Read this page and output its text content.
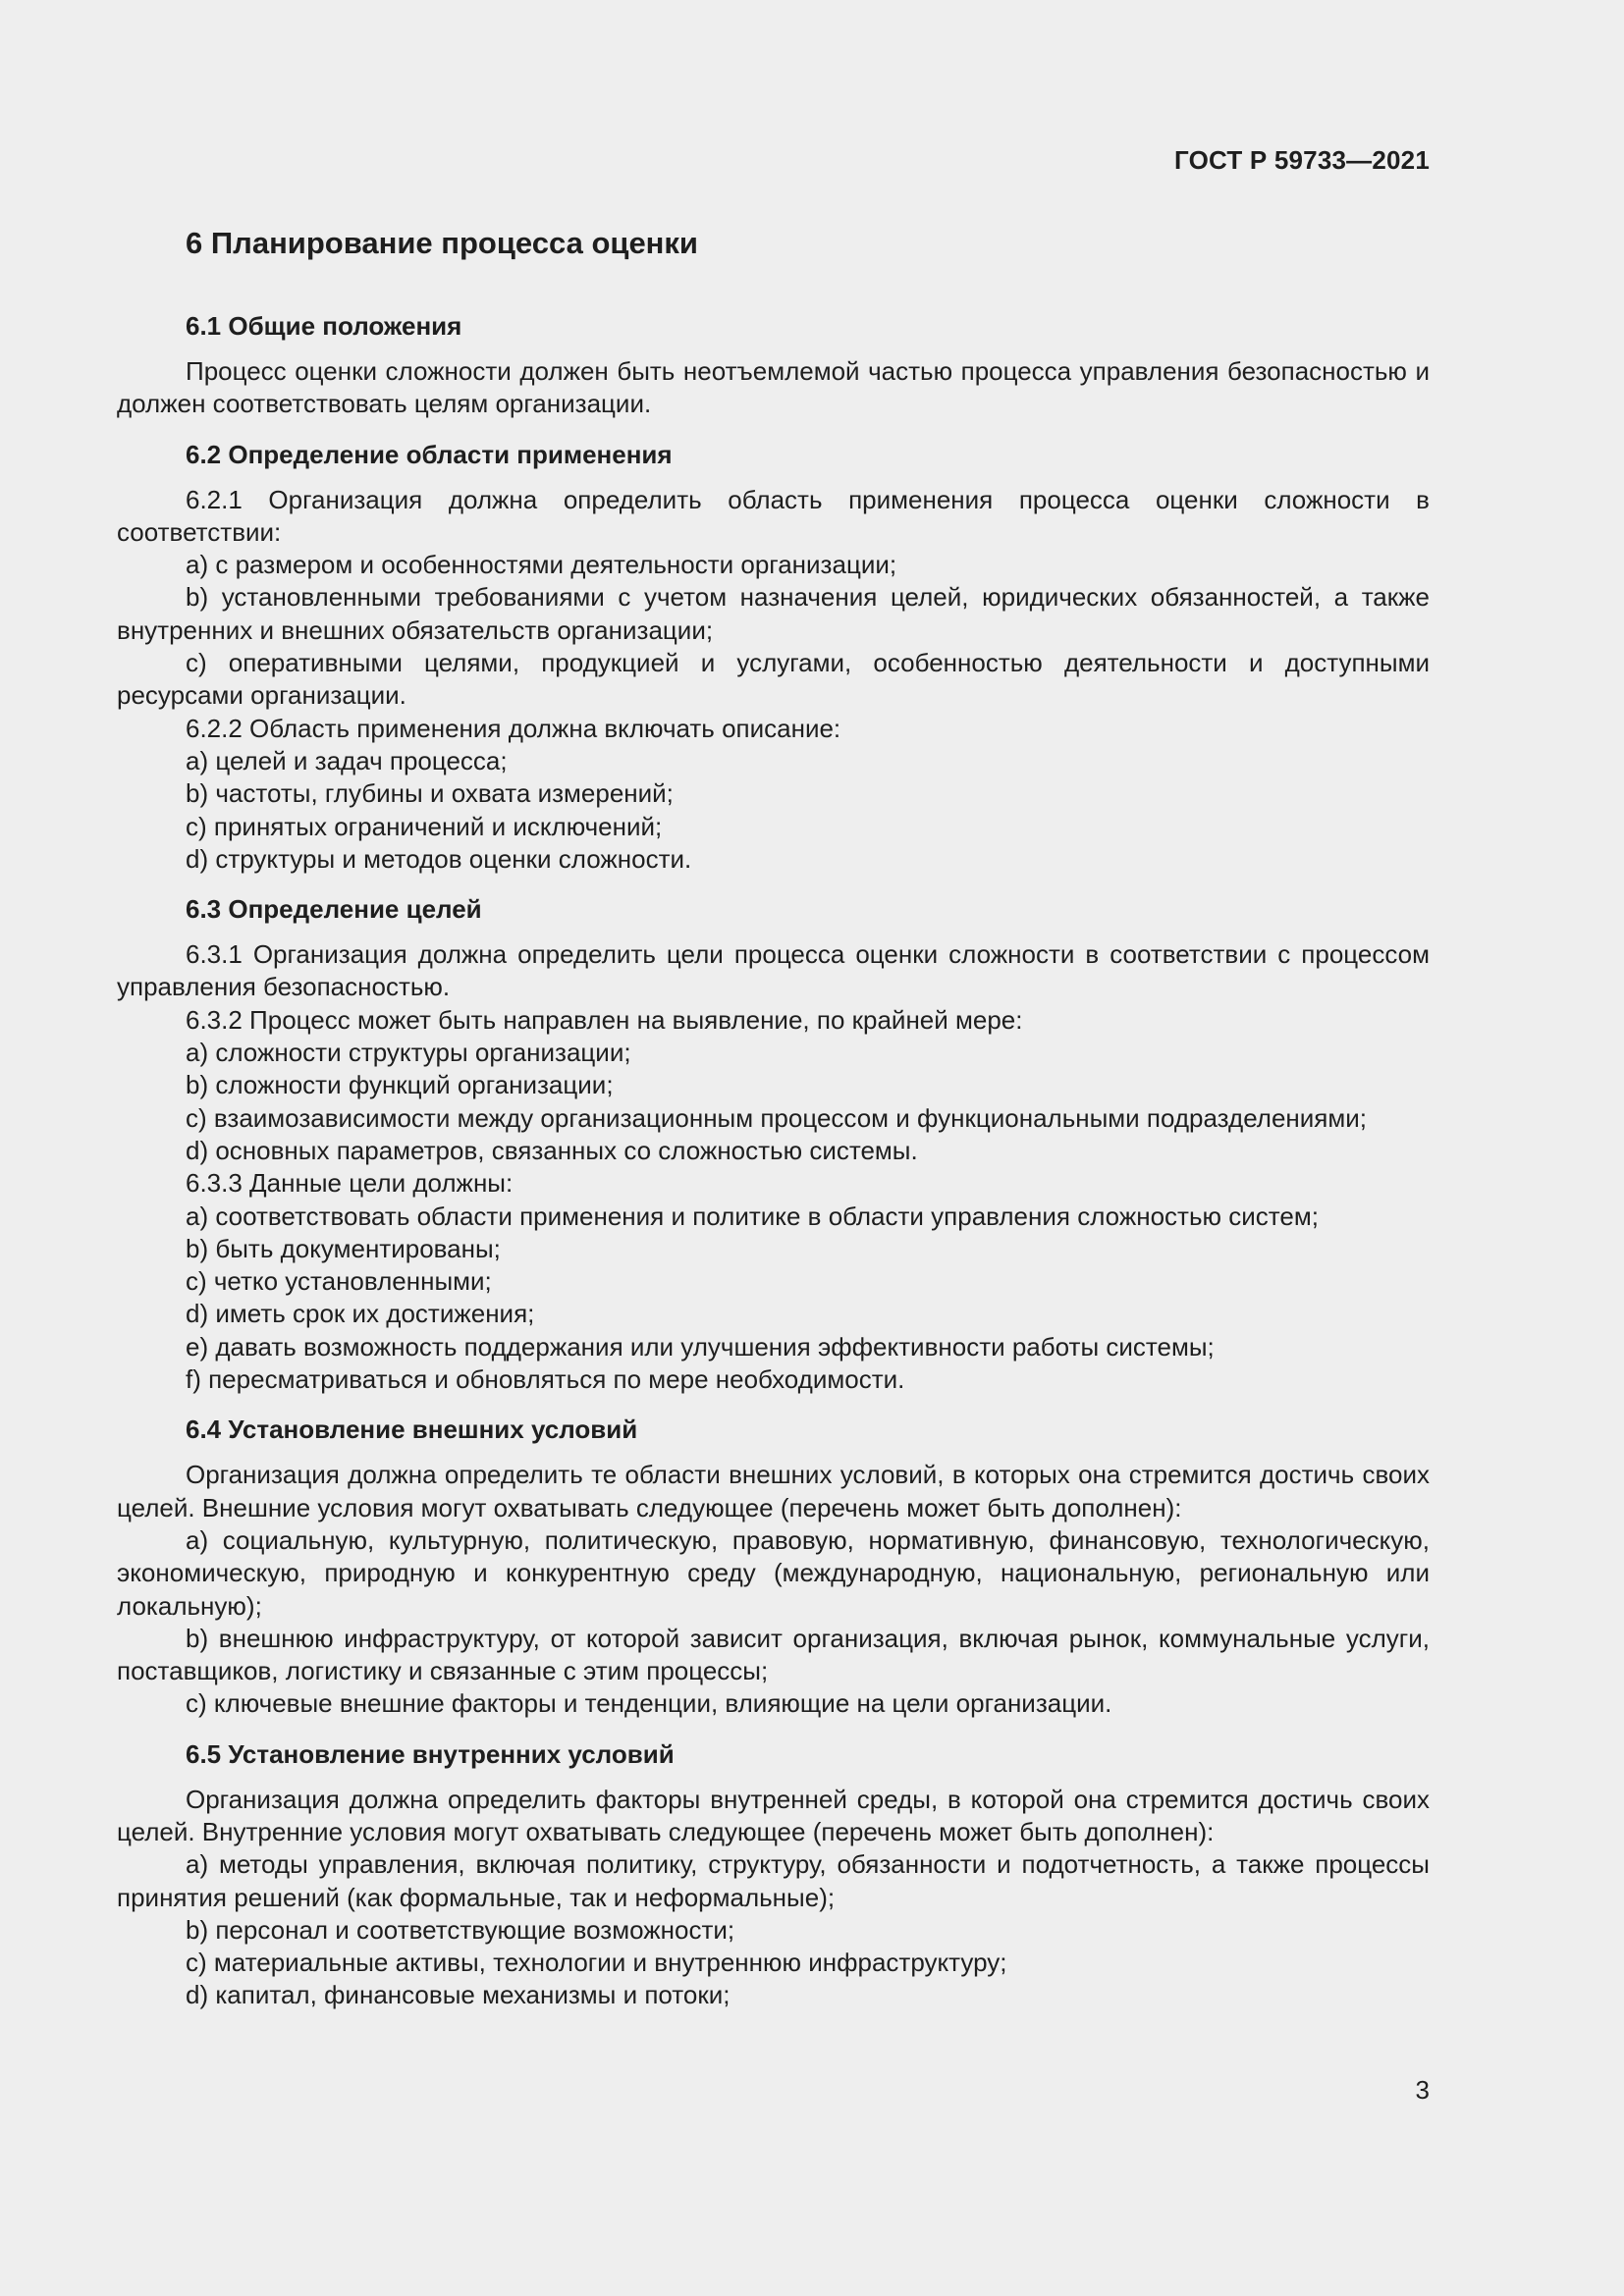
ГОСТ Р 59733—2021
6 Планирование процесса оценки
6.1 Общие положения

Процесс оценки сложности должен быть неотъемлемой частью процесса управления безопасностью и должен соответствовать целям организации.

6.2 Определение области применения

6.2.1 Организация должна определить область применения процесса оценки сложности в соответствии:

a) с размером и особенностями деятельности организации;

b) установленными требованиями с учетом назначения целей, юридических обязанностей, а также внутренних и внешних обязательств организации;

c) оперативными целями, продукцией и услугами, особенностью деятельности и доступными ресурсами организации.

6.2.2 Область применения должна включать описание:

a) целей и задач процесса;

b) частоты, глубины и охвата измерений;

c) принятых ограничений и исключений;

d) структуры и методов оценки сложности.

6.3 Определение целей

6.3.1 Организация должна определить цели процесса оценки сложности в соответствии с процессом управления безопасностью.

6.3.2 Процесс может быть направлен на выявление, по крайней мере:

a) сложности структуры организации;

b) сложности функций организации;

c) взаимозависимости между организационным процессом и функциональными подразделениями;

d) основных параметров, связанных со сложностью системы.

6.3.3 Данные цели должны:

a) соответствовать области применения и политике в области управления сложностью систем;

b) быть документированы;

c) четко установленными;

d) иметь срок их достижения;

e) давать возможность поддержания или улучшения эффективности работы системы;

f) пересматриваться и обновляться по мере необходимости.

6.4 Установление внешних условий

Организация должна определить те области внешних условий, в которых она стремится достичь своих целей. Внешние условия могут охватывать следующее (перечень может быть дополнен):

a) социальную, культурную, политическую, правовую, нормативную, финансовую, технологическую, экономическую, природную и конкурентную среду (международную, национальную, региональную или локальную);

b) внешнюю инфраструктуру, от которой зависит организация, включая рынок, коммунальные услуги, поставщиков, логистику и связанные с этим процессы;

c) ключевые внешние факторы и тенденции, влияющие на цели организации.

6.5 Установление внутренних условий

Организация должна определить факторы внутренней среды, в которой она стремится достичь своих целей. Внутренние условия могут охватывать следующее (перечень может быть дополнен):

a) методы управления, включая политику, структуру, обязанности и подотчетность, а также процессы принятия решений (как формальные, так и неформальные);

b) персонал и соответствующие возможности;

c) материальные активы, технологии и внутреннюю инфраструктуру;

d) капитал, финансовые механизмы и потоки;

3
